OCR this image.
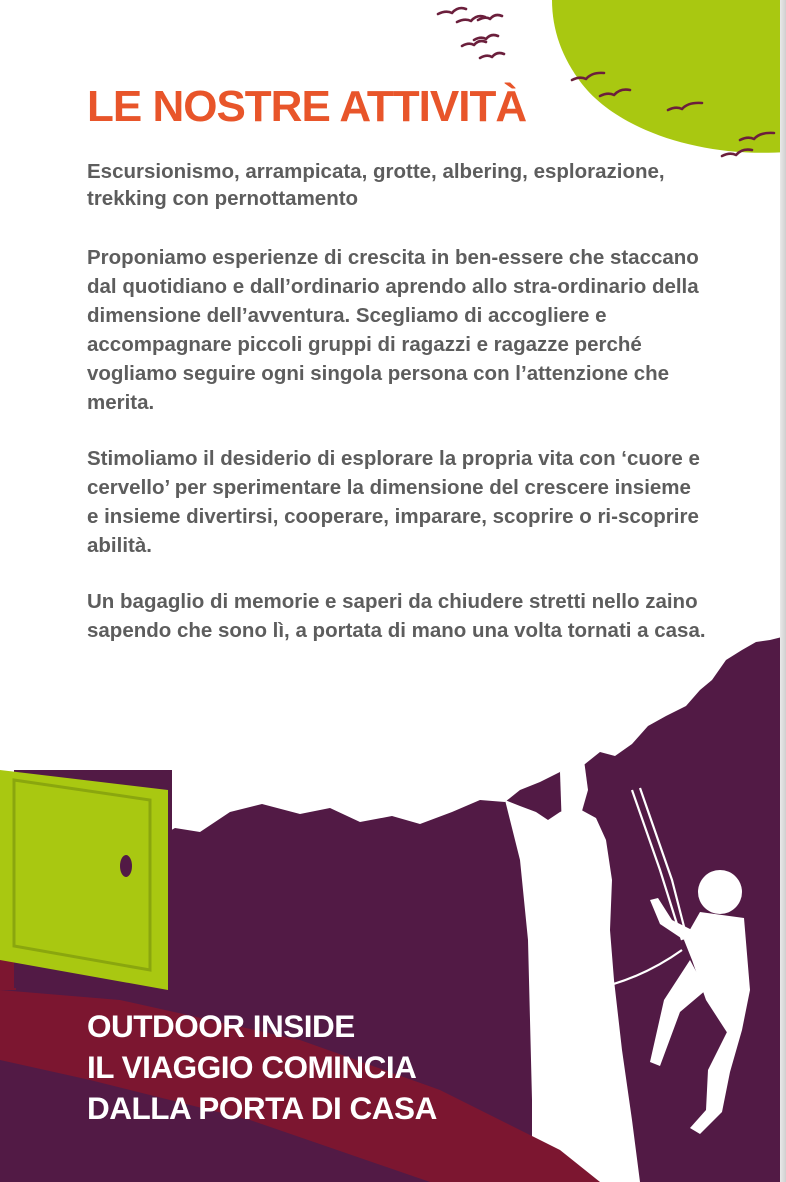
LE NOSTRE ATTIVITÀ

Escursionismo, arrampicata, grotte, albering, esplorazione, trekking con pernottamento

Proponiamo esperienze di crescita in ben-essere che staccano dal quotidiano e dall’ordinario aprendo allo stra-ordinario della dimensione dell’avventura. Scegliamo di accogliere e accompagnare piccoli gruppi di ragazzi e ragazze perché vogliamo seguire ogni singola persona con l’attenzione che merita.

Stimoliamo il desiderio di esplorare la propria vita con ‘cuore e cervello’ per sperimentare la dimensione del crescere insieme e insieme divertirsi, cooperare, imparare, scoprire o ri-scoprire abilità.

Un bagaglio di memorie e saperi da chiudere stretti nello zaino sapendo che sono lì, a portata di mano una volta tornati a casa.

OUTDOOR INSIDE
IL VIAGGIO COMINCIA
DALLA PORTA DI CASA
